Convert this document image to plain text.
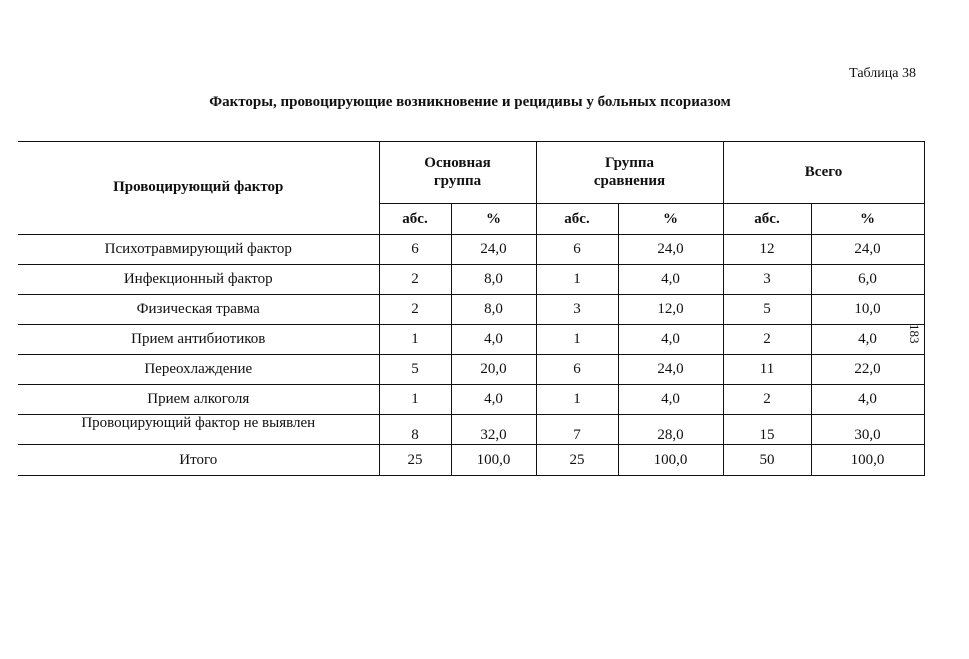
Таблица 38
Факторы, провоцирующие возникновение и рецидивы у больных псориазом
183
Провоцирующий фактор	Основная группа		Группа сравнения		Всего	
	абс.	%	абс.	%	абс.	%
Психотравмирующий фактор	6	24,0	6	24,0	12	24,0
Инфекционный фактор	2	8,0	1	4,0	3	6,0
Физическая травма	2	8,0	3	12,0	5	10,0
Прием антибиотиков	1	4,0	1	4,0	2	4,0
Переохлаждение	5	20,0	6	24,0	11	22,0
Прием алкоголя	1	4,0	1	4,0	2	4,0
Провоцирующий фактор не выявлен	8	32,0	7	28,0	15	30,0
Итого	25	100,0	25	100,0	50	100,0
